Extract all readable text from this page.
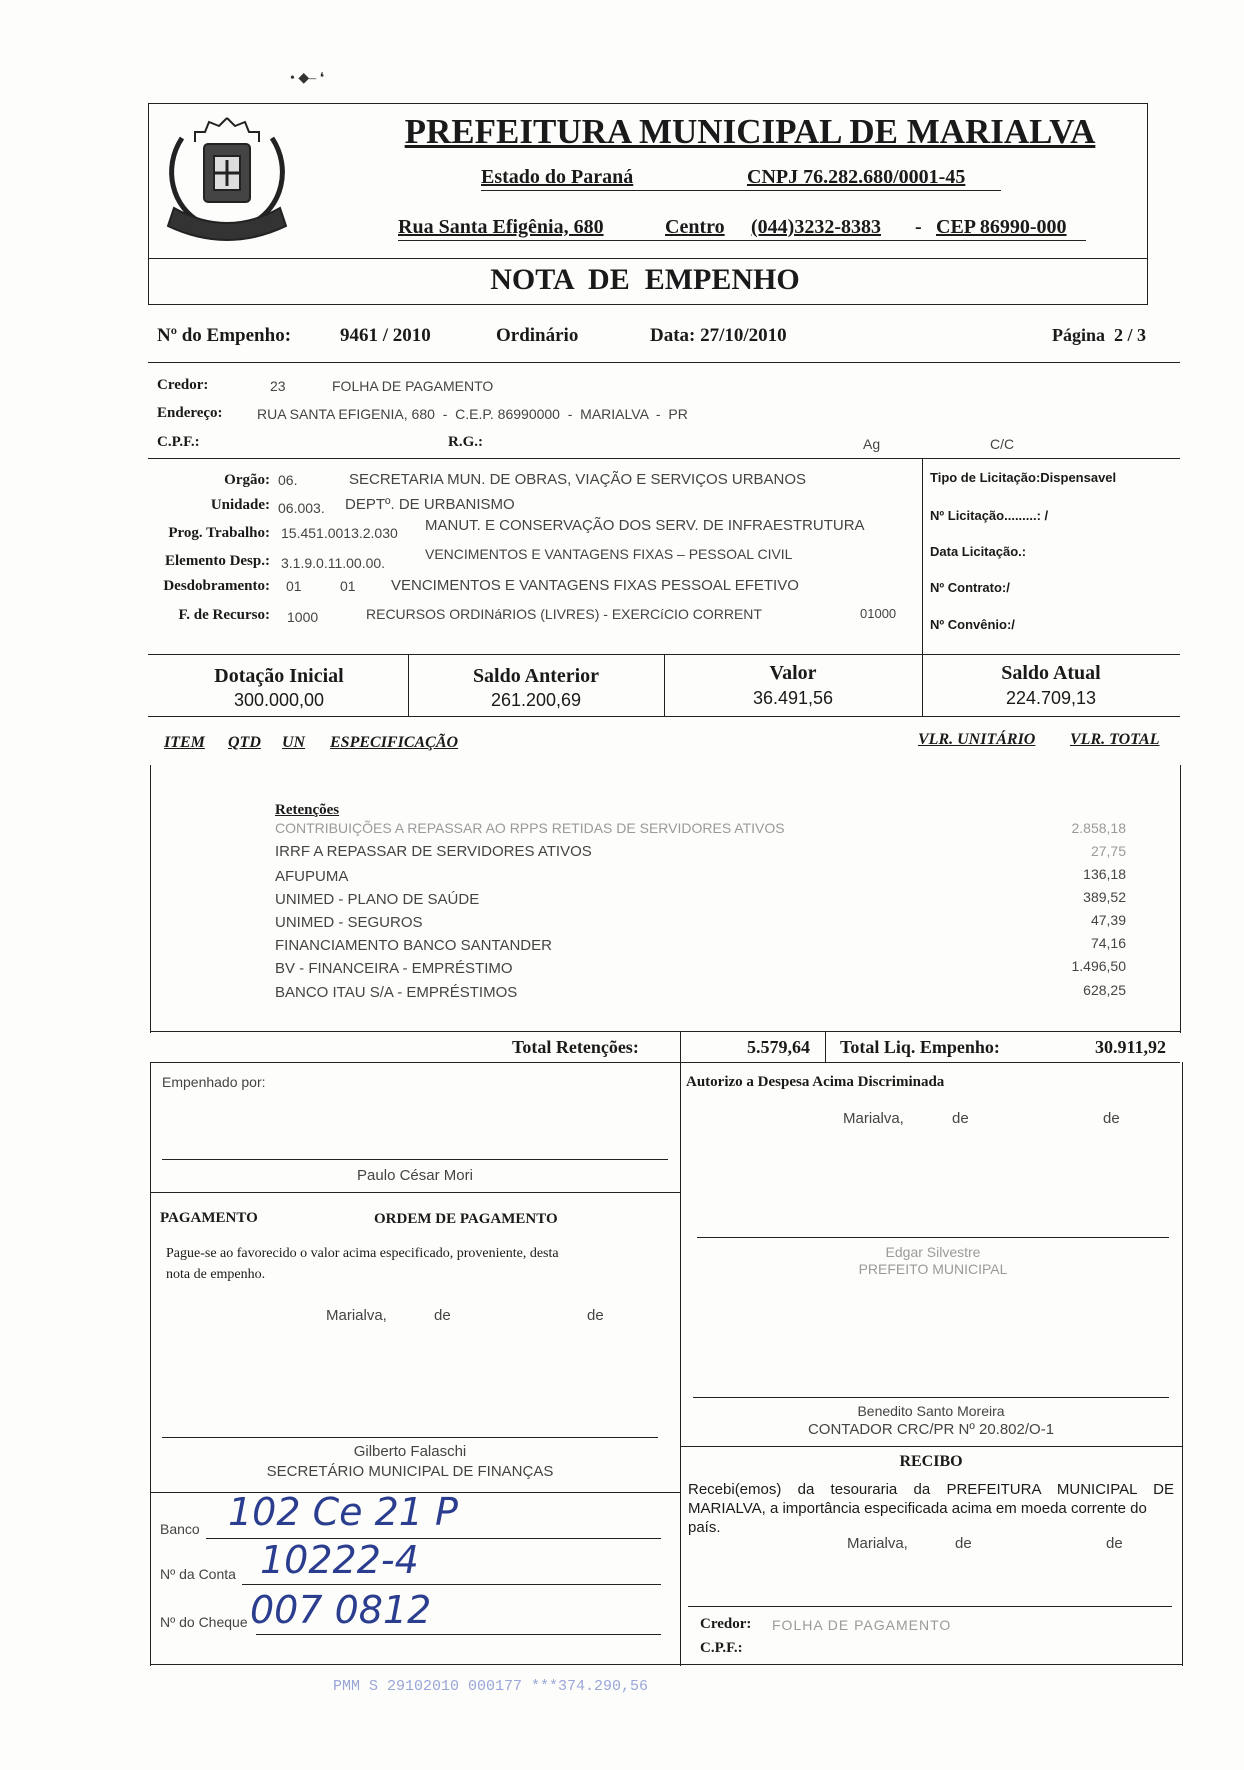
• ◆– ❛
PREFEITURA MUNICIPAL DE MARIALVA
Estado do Paraná	CNPJ 76.282.680/0001-45
Rua Santa Efigênia, 680	Centro (044)3232-8383 - CEP 86990-000
NOTA  DE  EMPENHO
Nº do Empenho:	9461 / 2010	Ordinário	Data: 27/10/2010	Página  2 / 3
Credor:	23	FOLHA DE PAGAMENTO
Endereço: RUA SANTA EFIGENIA, 680  -  C.E.P. 86990000  -  MARIALVA  -  PR
C.P.F.:	R.G.:	Ag	C/C
Orgão: 06.	SECRETARIA MUN. DE OBRAS, VIAÇÃO E SERVIÇOS URBANOS
Unidade: 06.003. DEPTº. DE URBANISMO
Prog. Trabalho: 15.451.0013.2.030 MANUT. E CONSERVAÇÃO DOS SERV. DE INFRAESTRUTURA
Elemento Desp.: 3.1.9.0.11.00.00.
VENCIMENTOS E VANTAGENS FIXAS – PESSOAL CIVIL
Desdobramento: 01	01 VENCIMENTOS E VANTAGENS FIXAS PESSOAL EFETIVO
F. de Recurso: 1000	RECURSOS ORDINáRIOS (LIVRES) - EXERCíCIO CORRENT	01000
Tipo de Licitação:Dispensavel
Nº Licitação.........: /
Data Licitação.:
Nº Contrato:/
Nº Convênio:/
Dotação Inicial
300.000,00
Saldo Anterior
261.200,69
Valor
36.491,56
Saldo Atual
224.709,13
ITEM QTD UN ESPECIFICAÇÃO	VLR. UNITÁRIO VLR. TOTAL
Retenções
CONTRIBUIÇÕES A REPASSAR AO RPPS RETIDAS DE SERVIDORES ATIVOS	2.858,18
IRRF A REPASSAR DE SERVIDORES ATIVOS	27,75
AFUPUMA	136,18
UNIMED - PLANO DE SAÚDE	389,52
UNIMED - SEGUROS	47,39
FINANCIAMENTO BANCO SANTANDER	74,16
BV - FINANCEIRA - EMPRÉSTIMO	1.496,50
BANCO ITAU S/A - EMPRÉSTIMOS	628,25
Total Retenções:	5.579,64 Total Liq. Empenho:	30.911,92
Empenhado por:
Paulo César Mori
Autorizo a Despesa Acima Discriminada
Marialva,	de	de
Edgar Silvestre
PREFEITO MUNICIPAL
PAGAMENTO	ORDEM DE PAGAMENTO
Pague-se ao favorecido o valor acima especificado, proveniente, desta
nota de empenho.
Marialva,	de	de
Gilberto Falaschi
SECRETÁRIO MUNICIPAL DE FINANÇAS
Benedito Santo Moreira
CONTADOR CRC/PR Nº 20.802/O-1
RECIBO
Recebi(emos) da tesouraria da PREFEITURA MUNICIPAL DE
MARIALVA, a importância especificada acima em moeda corrente do
país.
Marialva,	de	de
Credor: FOLHA DE PAGAMENTO
C.P.F.:
Banco 102 Ce 21 P
Nº da Conta 10222-4
Nº do Cheque 007 0812
PMM S 29102010 000177 ***374.290,56
